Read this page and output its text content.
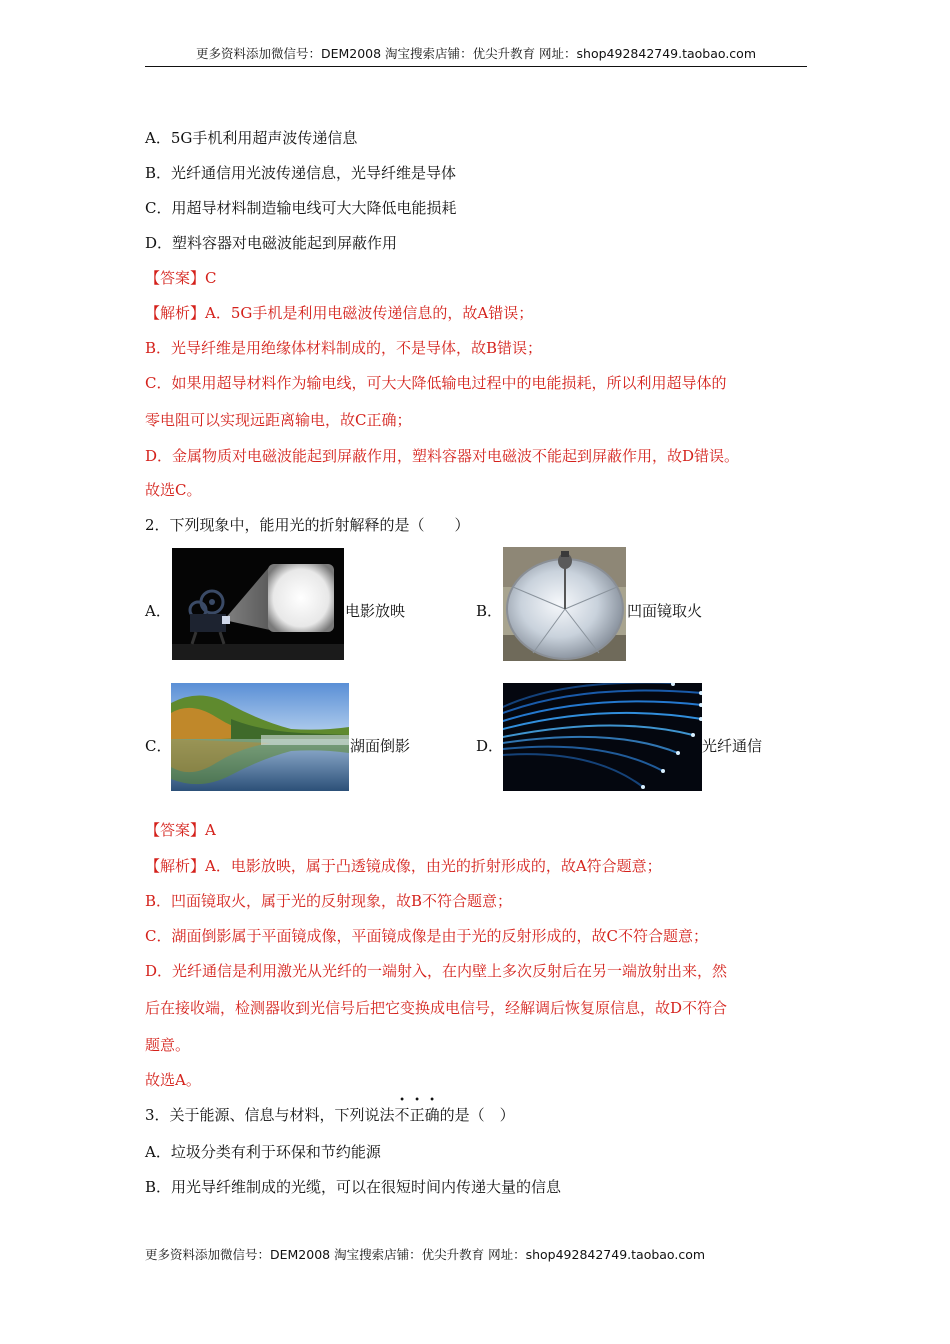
更多资料添加微信号：DEM2008 淘宝搜索店铺：优尖升教育 网址：shop492842749.taobao.com
A．5G手机利用超声波传递信息
B．光纤通信用光波传递信息，光导纤维是导体
C．用超导材料制造输电线可大大降低电能损耗
D．塑料容器对电磁波能起到屏蔽作用
【答案】C
【解析】A．5G手机是利用电磁波传递信息的，故A错误；
B．光导纤维是用绝缘体材料制成的，不是导体，故B错误；
C．如果用超导材料作为输电线，可大大降低输电过程中的电能损耗，所以利用超导体的
零电阻可以实现远距离输电，故C正确；
D．金属物质对电磁波能起到屏蔽作用，塑料容器对电磁波不能起到屏蔽作用，故D错误。
故选C。
2．下列现象中，能用光的折射解释的是（　　）
A．	电影放映	B．	凹面镜取火
C．	湖面倒影	D．	光纤通信
【答案】A
【解析】A．电影放映，属于凸透镜成像，由光的折射形成的，故A符合题意；
B．凹面镜取火，属于光的反射现象，故B不符合题意；
C．湖面倒影属于平面镜成像，平面镜成像是由于光的反射形成的，故C不符合题意；
D．光纤通信是利用激光从光纤的一端射入，在内壁上多次反射后在另一端放射出来，然
后在接收端，检测器收到光信号后把它变换成电信号，经解调后恢复原信息，故D不符合
题意。
故选A。
3．关于能源、信息与材料，下列说法
•
不
•
正
•
确的是（　）
A．垃圾分类有利于环保和节约能源
B．用光导纤维制成的光缆，可以在很短时间内传递大量的信息
更多资料添加微信号：DEM2008 淘宝搜索店铺：优尖升教育 网址：shop492842749.taobao.com
